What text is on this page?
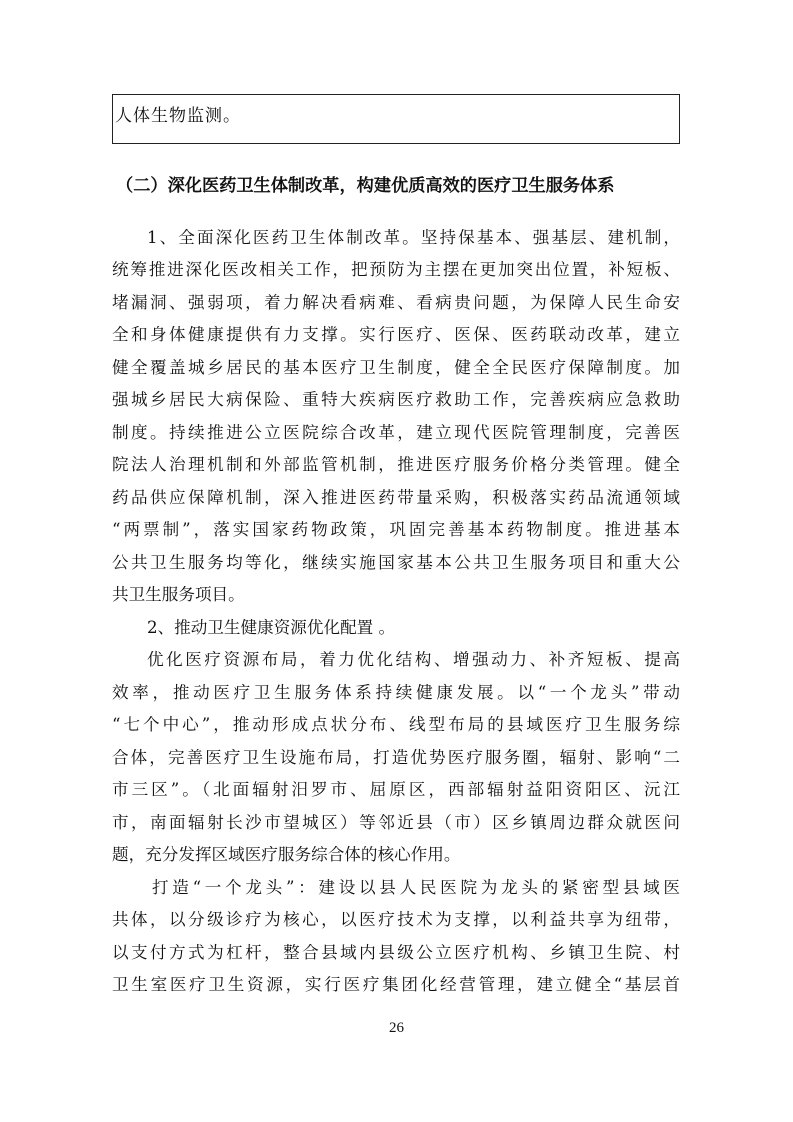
人体生物监测。
（二）深化医药卫生体制改革，构建优质高效的医疗卫生服务体系
1、全面深化医药卫生体制改革。坚持保基本、强基层、建机制，
统筹推进深化医改相关工作，把预防为主摆在更加突出位置，补短板、
堵漏洞、强弱项，着力解决看病难、看病贵问题，为保障人民生命安
全和身体健康提供有力支撑。实行医疗、医保、医药联动改革，建立
健全覆盖城乡居民的基本医疗卫生制度，健全全民医疗保障制度。加
强城乡居民大病保险、重特大疾病医疗救助工作，完善疾病应急救助
制度。持续推进公立医院综合改革，建立现代医院管理制度，完善医
院法人治理机制和外部监管机制，推进医疗服务价格分类管理。健全
药品供应保障机制，深入推进医药带量采购，积极落实药品流通领域
“两票制”，落实国家药物政策，巩固完善基本药物制度。推进基本
公共卫生服务均等化，继续实施国家基本公共卫生服务项目和重大公
共卫生服务项目。
2、推动卫生健康资源优化配置 。
优化医疗资源布局，着力优化结构、增强动力、补齐短板、提高
效率，推动医疗卫生服务体系持续健康发展。以“一个龙头”带动
“七个中心”，推动形成点状分布、线型布局的县域医疗卫生服务综
合体，完善医疗卫生设施布局，打造优势医疗服务圈，辐射、影响“二
市三区”。（北面辐射汨罗市、屈原区，西部辐射益阳资阳区、沅江
市，南面辐射长沙市望城区）等邻近县（市）区乡镇周边群众就医问
题，充分发挥区域医疗服务综合体的核心作用。
打造“一个龙头”：建设以县人民医院为龙头的紧密型县域医
共体，以分级诊疗为核心，以医疗技术为支撑，以利益共享为纽带，
以支付方式为杠杆，整合县域内县级公立医疗机构、乡镇卫生院、村
卫生室医疗卫生资源，实行医疗集团化经营管理，建立健全“基层首
26
